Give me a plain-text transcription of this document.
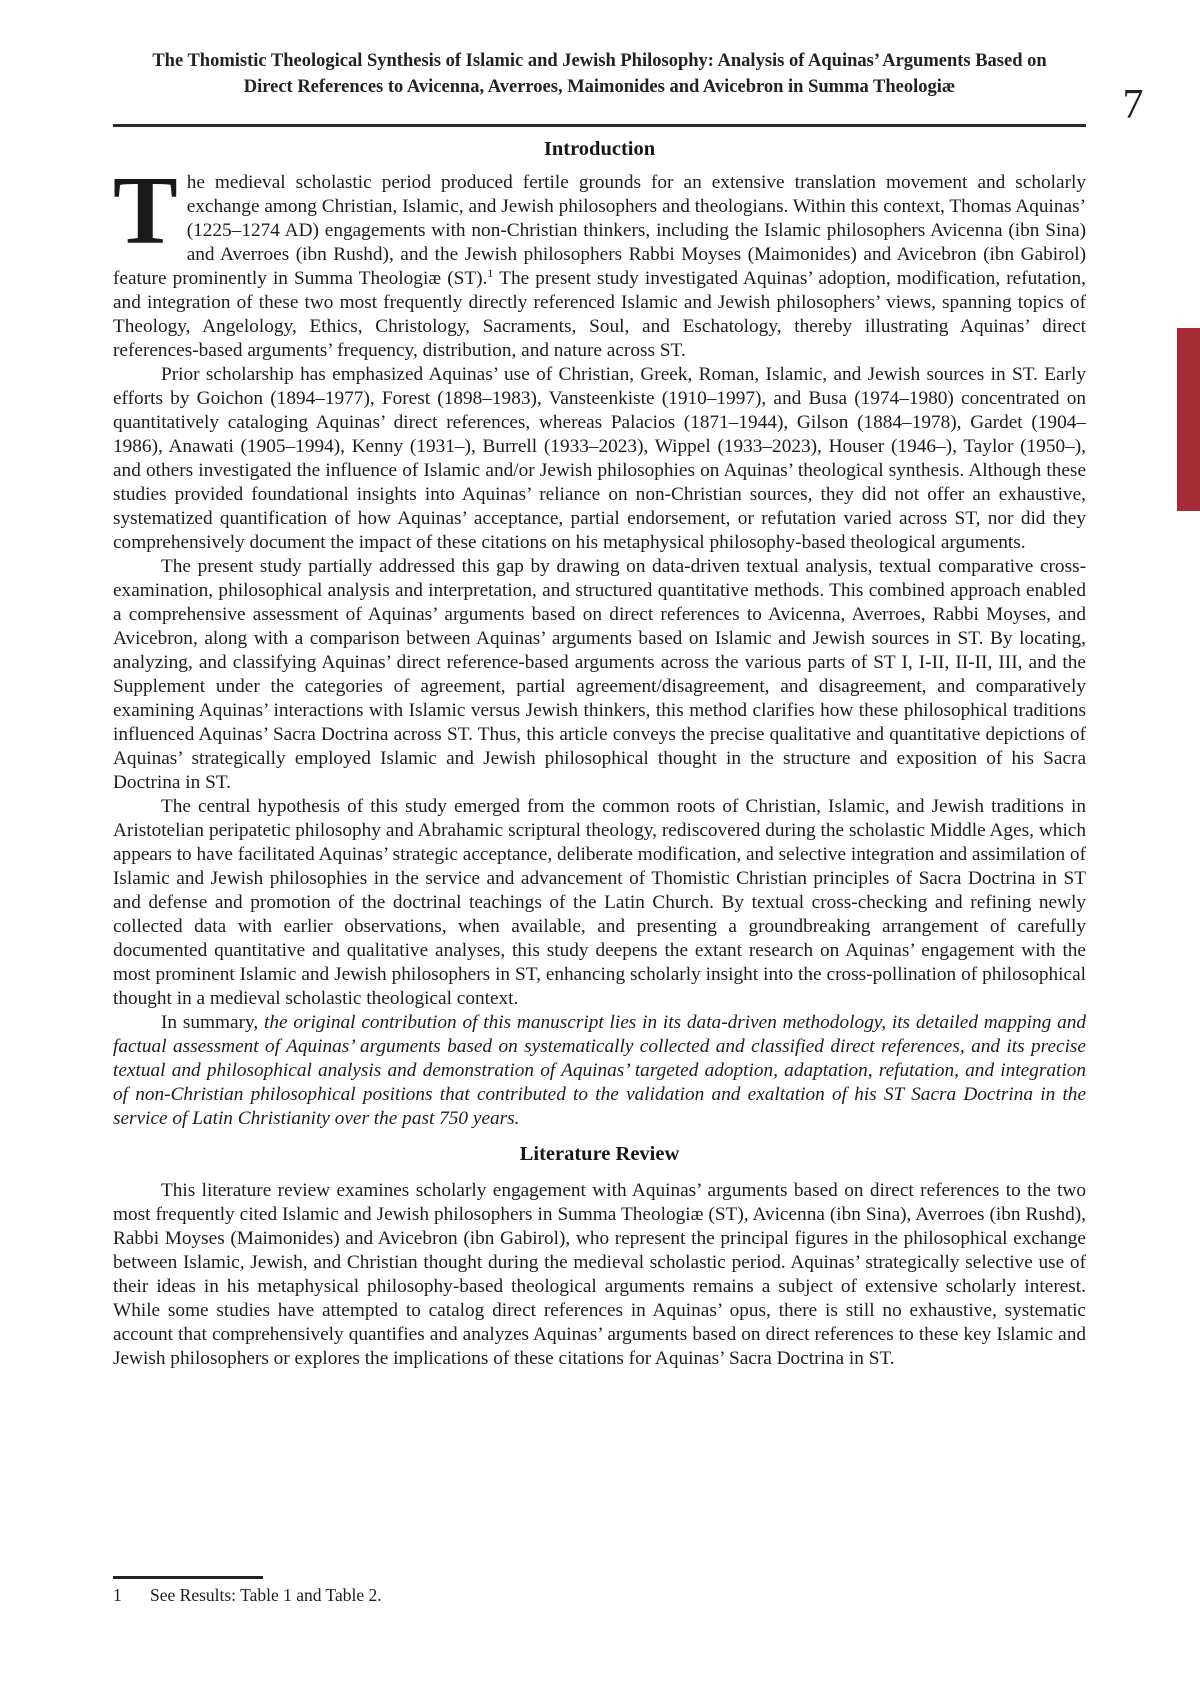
The Thomistic Theological Synthesis of Islamic and Jewish Philosophy: Analysis of Aquinas’ Arguments Based on
Direct References to Avicenna, Averroes, Maimonides and Avicebron in Summa Theologiæ	7
Introduction

The medieval scholastic period produced fertile grounds for an extensive translation movement and scholarly exchange among Christian, Islamic, and Jewish philosophers and theologians. Within this context, Thomas Aquinas’ (1225–1274 AD) engagements with non-Christian thinkers, including the Islamic philosophers Avicenna (ibn Sina) and Averroes (ibn Rushd), and the Jewish philosophers Rabbi Moyses (Maimonides) and Avicebron (ibn Gabirol) feature prominently in Summa Theologiæ (ST).$^1$ The present study investigated Aquinas’ adoption, modification, refutation, and integration of these two most frequently directly referenced Islamic and Jewish philosophers’ views, spanning topics of Theology, Angelology, Ethics, Christology, Sacraments, Soul, and Eschatology, thereby illustrating Aquinas’ direct references-based arguments’ frequency, distribution, and nature across ST.

Prior scholarship has emphasized Aquinas’ use of Christian, Greek, Roman, Islamic, and Jewish sources in ST. Early efforts by Goichon (1894–1977), Forest (1898–1983), Vansteenkiste (1910–1997), and Busa (1974–1980) concentrated on quantitatively cataloging Aquinas’ direct references, whereas Palacios (1871–1944), Gilson (1884–1978), Gardet (1904–1986), Anawati (1905–1994), Kenny (1931–), Burrell (1933–2023), Wippel (1933–2023), Houser (1946–), Taylor (1950–), and others investigated the influence of Islamic and/or Jewish philosophies on Aquinas’ theological synthesis. Although these studies provided foundational insights into Aquinas’ reliance on non-Christian sources, they did not offer an exhaustive, systematized quantification of how Aquinas’ acceptance, partial endorsement, or refutation varied across ST, nor did they comprehensively document the impact of these citations on his metaphysical philosophy-based theological arguments.

The present study partially addressed this gap by drawing on data-driven textual analysis, textual comparative cross-examination, philosophical analysis and interpretation, and structured quantitative methods. This combined approach enabled a comprehensive assessment of Aquinas’ arguments based on direct references to Avicenna, Averroes, Rabbi Moyses, and Avicebron, along with a comparison between Aquinas’ arguments based on Islamic and Jewish sources in ST. By locating, analyzing, and classifying Aquinas’ direct reference-based arguments across the various parts of ST I, I-II, II-II, III, and the Supplement under the categories of agreement, partial agreement/disagreement, and disagreement, and comparatively examining Aquinas’ interactions with Islamic versus Jewish thinkers, this method clarifies how these philosophical traditions influenced Aquinas’ Sacra Doctrina across ST. Thus, this article conveys the precise qualitative and quantitative depictions of Aquinas’ strategically employed Islamic and Jewish philosophical thought in the structure and exposition of his Sacra Doctrina in ST.

The central hypothesis of this study emerged from the common roots of Christian, Islamic, and Jewish traditions in Aristotelian peripatetic philosophy and Abrahamic scriptural theology, rediscovered during the scholastic Middle Ages, which appears to have facilitated Aquinas’ strategic acceptance, deliberate modification, and selective integration and assimilation of Islamic and Jewish philosophies in the service and advancement of Thomistic Christian principles of Sacra Doctrina in ST and defense and promotion of the doctrinal teachings of the Latin Church. By textual cross-checking and refining newly collected data with earlier observations, when available, and presenting a groundbreaking arrangement of carefully documented quantitative and qualitative analyses, this study deepens the extant research on Aquinas’ engagement with the most prominent Islamic and Jewish philosophers in ST, enhancing scholarly insight into the cross-pollination of philosophical thought in a medieval scholastic theological context.

In summary, the original contribution of this manuscript lies in its data-driven methodology, its detailed mapping and factual assessment of Aquinas’ arguments based on systematically collected and classified direct references, and its precise textual and philosophical analysis and demonstration of Aquinas’ targeted adoption, adaptation, refutation, and integration of non-Christian philosophical positions that contributed to the validation and exaltation of his ST Sacra Doctrina in the service of Latin Christianity over the past 750 years.

Literature Review

This literature review examines scholarly engagement with Aquinas’ arguments based on direct references to the two most frequently cited Islamic and Jewish philosophers in Summa Theologiæ (ST), Avicenna (ibn Sina), Averroes (ibn Rushd), Rabbi Moyses (Maimonides) and Avicebron (ibn Gabirol), who represent the principal figures in the philosophical exchange between Islamic, Jewish, and Christian thought during the medieval scholastic period. Aquinas’ strategically selective use of their ideas in his metaphysical philosophy-based theological arguments remains a subject of extensive scholarly interest. While some studies have attempted to catalog direct references in Aquinas’ opus, there is still no exhaustive, systematic account that comprehensively quantifies and analyzes Aquinas’ arguments based on direct references to these key Islamic and Jewish philosophers or explores the implications of these citations for Aquinas’ Sacra Doctrina in ST.

1	See Results: Table 1 and Table 2.
